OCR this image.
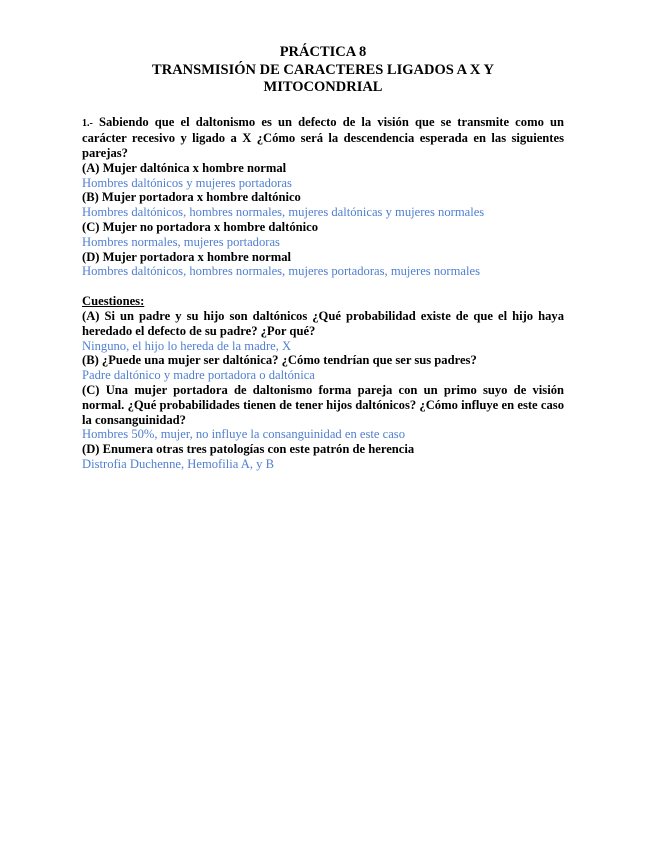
PRÁCTICA 8
TRANSMISIÓN DE CARACTERES LIGADOS A X Y
MITOCONDRIAL
1.- Sabiendo que el daltonismo es un defecto de la visión que se transmite como un carácter recesivo y ligado a X ¿Cómo será la descendencia esperada en las siguientes parejas?
(A) Mujer daltónica x hombre normal
Hombres daltónicos y mujeres portadoras
(B) Mujer portadora x hombre daltónico
Hombres daltónicos, hombres normales, mujeres daltónicas y mujeres normales
(C) Mujer no portadora x hombre daltónico
Hombres normales, mujeres portadoras
(D) Mujer portadora x hombre normal
Hombres daltónicos, hombres normales, mujeres portadoras, mujeres normales
Cuestiones:
(A) Si un padre y su hijo son daltónicos ¿Qué probabilidad existe de que el hijo haya heredado el defecto de su padre? ¿Por qué?
Ninguno, el hijo lo hereda de la madre, X
(B) ¿Puede una mujer ser daltónica? ¿Cómo tendrían que ser sus padres?
Padre daltónico y madre portadora o daltónica
(C) Una mujer portadora de daltonismo forma pareja con un primo suyo de visión normal. ¿Qué probabilidades tienen de tener hijos daltónicos? ¿Cómo influye en este caso la consanguinidad?
Hombres 50%, mujer, no influye la consanguinidad en este caso
(D) Enumera otras tres patologías con este patrón de herencia
Distrofia Duchenne, Hemofilia A, y B
